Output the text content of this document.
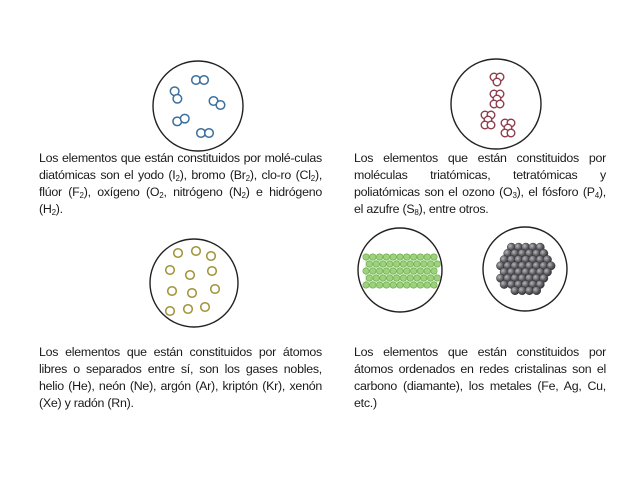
Los elementos que están constituidos por molé-culas diatómicas son el yodo $(I_2)$, bromo $(Br_2)$, clo-ro $(Cl_2)$, flúor $(F_2)$, oxígeno ($O_2$, nitrógeno $(N_2)$ e hidrógeno $(H_2)$.
Los elementos que están constituidos por moléculas triatómicas, tetratómicas y poliatómicas son el ozono $(O_3)$, el fósforo $(P_4)$, el azufre $(S_8)$, entre otros.
Los elementos que están constituidos por átomos libres o separados entre sí, son los gases nobles, helio (He), neón (Ne), argón (Ar), kriptón (Kr), xenón (Xe) y radón (Rn).
Los elementos que están constituidos por átomos ordenados en redes cristalinas son el carbono (diamante), los metales (Fe, Ag, Cu, etc.)
